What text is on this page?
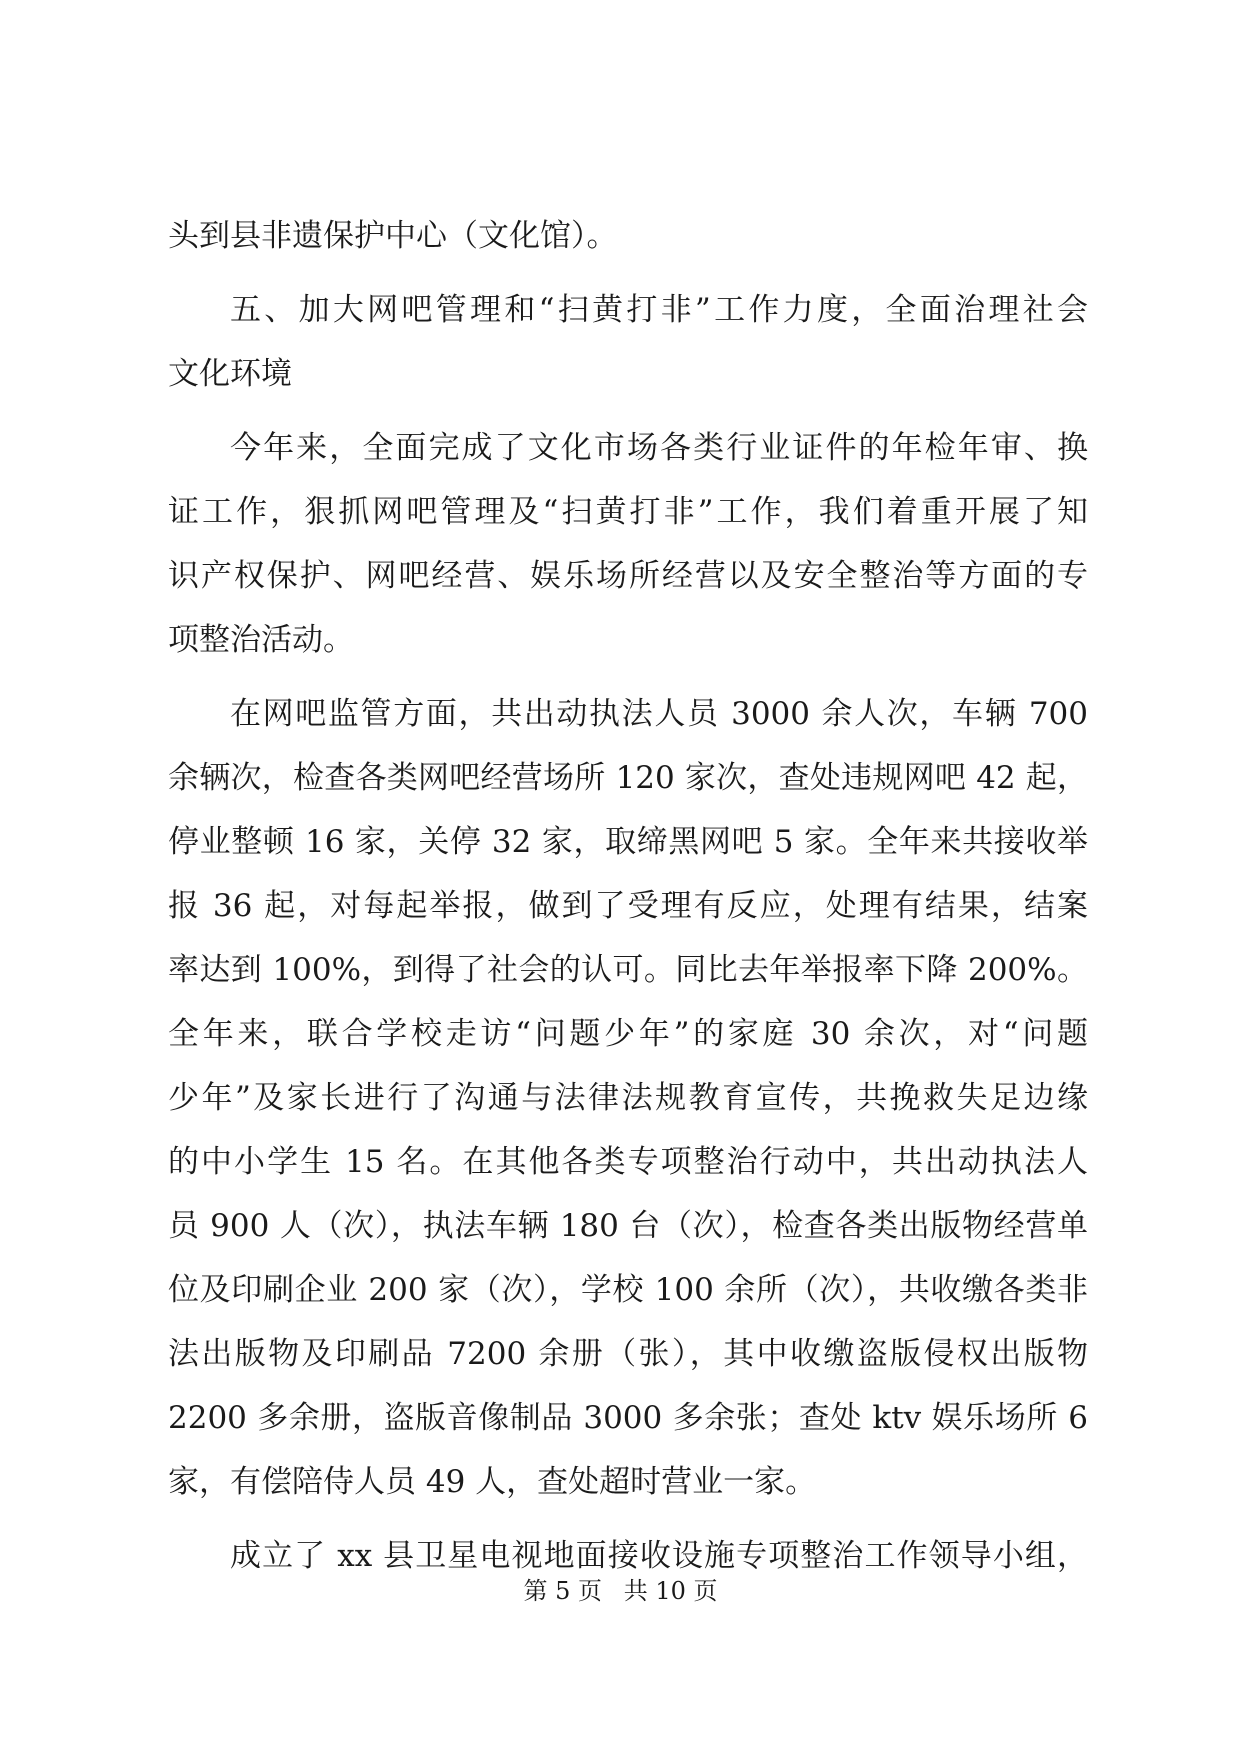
头到县非遗保护中心（文化馆）。
五、加大网吧管理和“扫黄打非”工作力度，全面治理社会
文化环境
今年来，全面完成了文化市场各类行业证件的年检年审、换
证工作，狠抓网吧管理及“扫黄打非”工作，我们着重开展了知
识产权保护、网吧经营、娱乐场所经营以及安全整治等方面的专
项整治活动。
在网吧监管方面，共出动执法人员 3000 余人次，车辆 700
余辆次，检查各类网吧经营场所 120 家次，查处违规网吧 42 起，
停业整顿 16 家，关停 32 家，取缔黑网吧 5 家。全年来共接收举
报 36 起，对每起举报，做到了受理有反应，处理有结果，结案
率达到 100%，到得了社会的认可。同比去年举报率下降 200%。
全年来，联合学校走访“问题少年”的家庭 30 余次，对“问题
少年”及家长进行了沟通与法律法规教育宣传，共挽救失足边缘
的中小学生 15 名。在其他各类专项整治行动中，共出动执法人
员 900 人（次），执法车辆 180 台（次），检查各类出版物经营单
位及印刷企业 200 家（次），学校 100 余所（次），共收缴各类非
法出版物及印刷品 7200 余册（张），其中收缴盗版侵权出版物
2200 多余册，盗版音像制品 3000 多余张；查处 ktv 娱乐场所 6
家，有偿陪侍人员 49 人，查处超时营业一家。
成立了 xx 县卫星电视地面接收设施专项整治工作领导小组，
第 5 页 共 10 页
